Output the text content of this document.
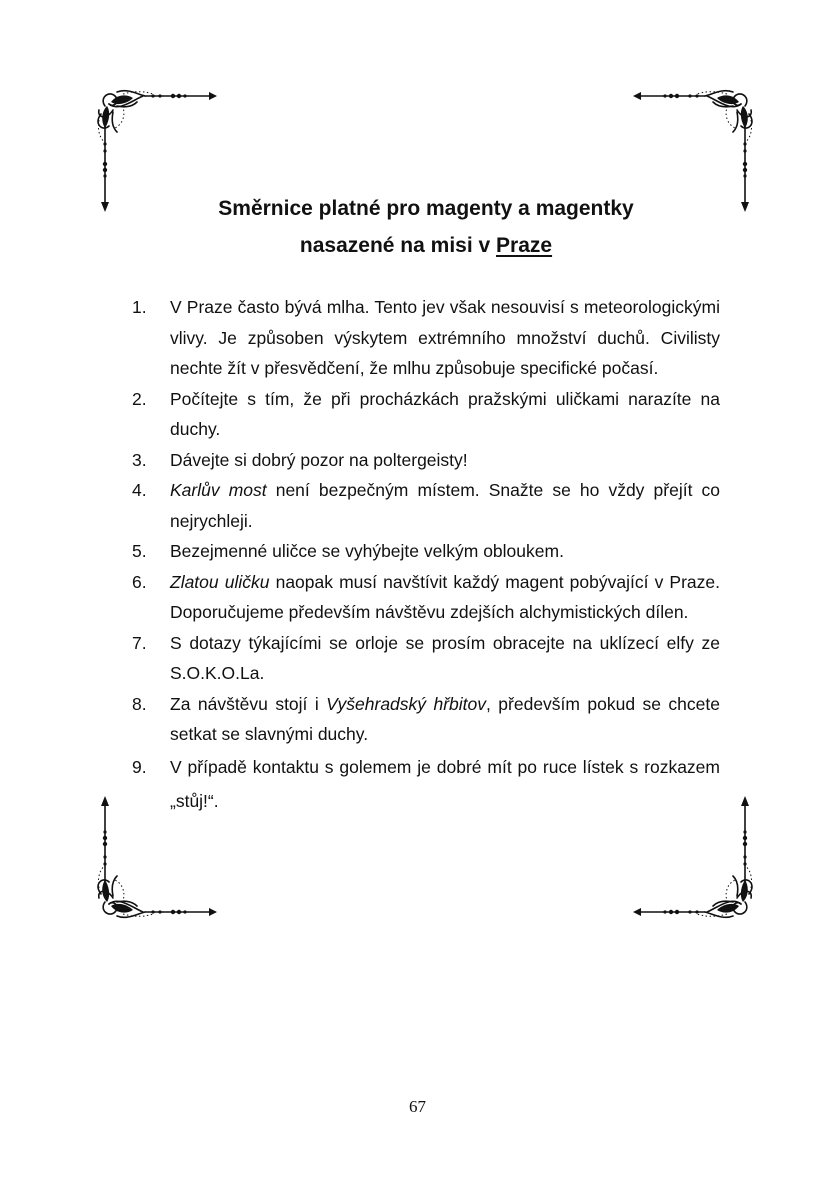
Směrnice platné pro magenty a magentky
nasazené na misi v Praze
1. V Praze často bývá mlha. Tento jev však nesouvisí s meteorologickými vlivy. Je způsoben výskytem extrémního množství duchů. Civilisty nechte žít v přesvědčení, že mlhu způsobuje specifické počasí.
2. Počítejte s tím, že při procházkách pražskými uličkami narazíte na duchy.
3. Dávejte si dobrý pozor na poltergeisty!
4. Karlův most není bezpečným místem. Snažte se ho vždy přejít co nejrychleji.
5. Bezejmenné uličce se vyhýbejte velkým obloukem.
6. Zlatou uličku naopak musí navštívit každý magent pobývající v Praze. Doporučujeme především návštěvu zdejších alchymistických dílen.
7. S dotazy týkajícími se orloje se prosím obracejte na uklízecí elfy ze S.O.K.O.La.
8. Za návštěvu stojí i Vyšehradský hřbitov, především pokud se chcete setkat se slavnými duchy.
9. V případě kontaktu s golemem je dobré mít po ruce lístek s rozkazem „stůj!“.
67
